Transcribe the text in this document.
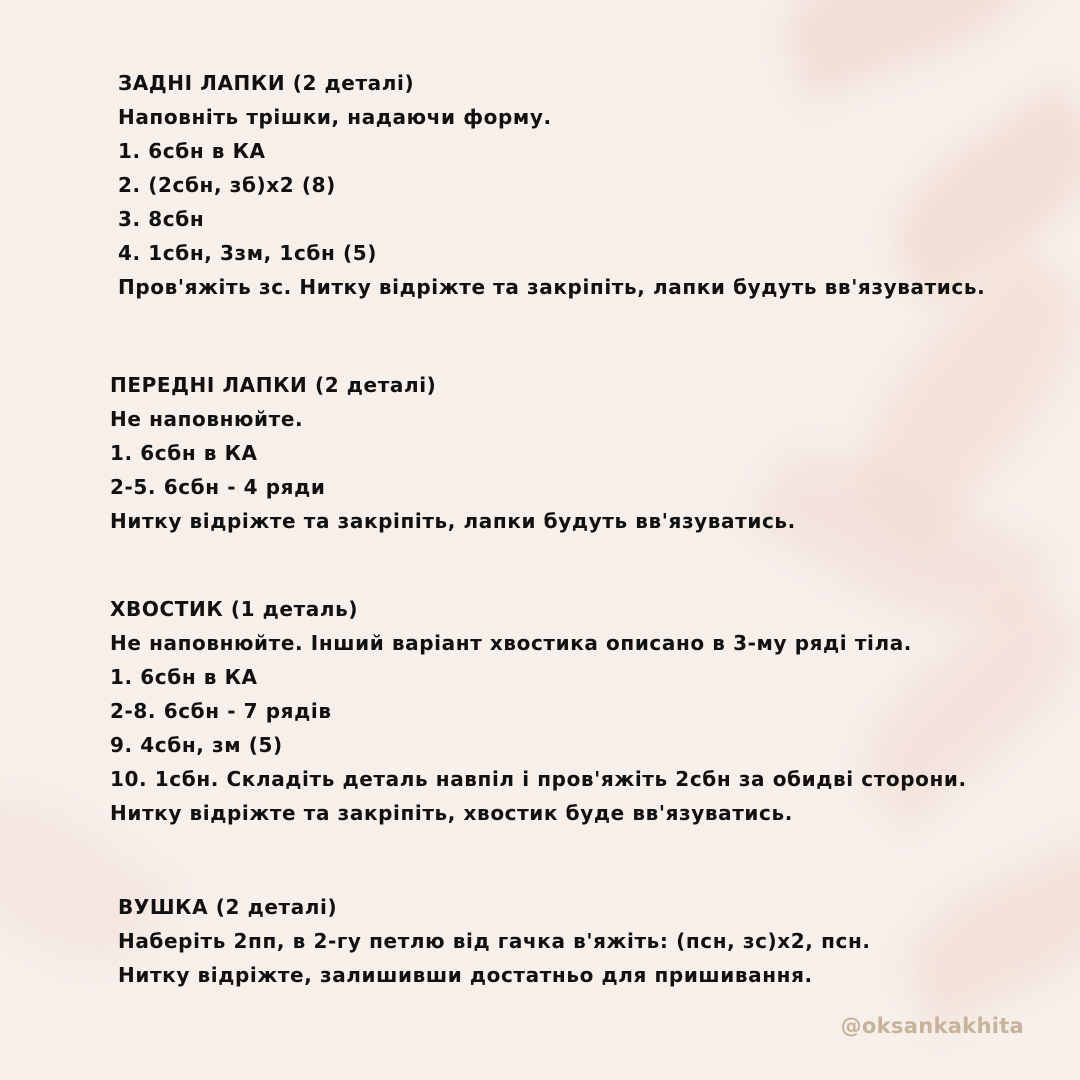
ЗАДНІ ЛАПКИ (2 деталі)
Наповніть трішки, надаючи форму.
1. 6сбн в КА
2. (2сбн, зб)х2 (8)
3. 8сбн
4. 1сбн, 3зм, 1сбн (5)
Пров'яжіть зс. Нитку відріжте та закріпіть, лапки будуть вв'язуватись.
ПЕРЕДНІ ЛАПКИ (2 деталі)
Не наповнюйте.
1. 6сбн в КА
2-5. 6сбн - 4 ряди
Нитку відріжте та закріпіть, лапки будуть вв'язуватись.
ХВОСТИК (1 деталь)
Не наповнюйте. Інший варіант хвостика описано в 3-му ряді тіла.
1. 6сбн в КА
2-8. 6сбн - 7 рядів
9. 4сбн, зм (5)
10. 1сбн. Складіть деталь навпіл і пров'яжіть 2сбн за обидві сторони.
Нитку відріжте та закріпіть, хвостик буде вв'язуватись.
ВУШКА (2 деталі)
Наберіть 2пп, в 2-гу петлю від гачка в'яжіть: (псн, зс)х2, псн.
Нитку відріжте, залишивши достатньо для пришивання.
@oksankakhita
